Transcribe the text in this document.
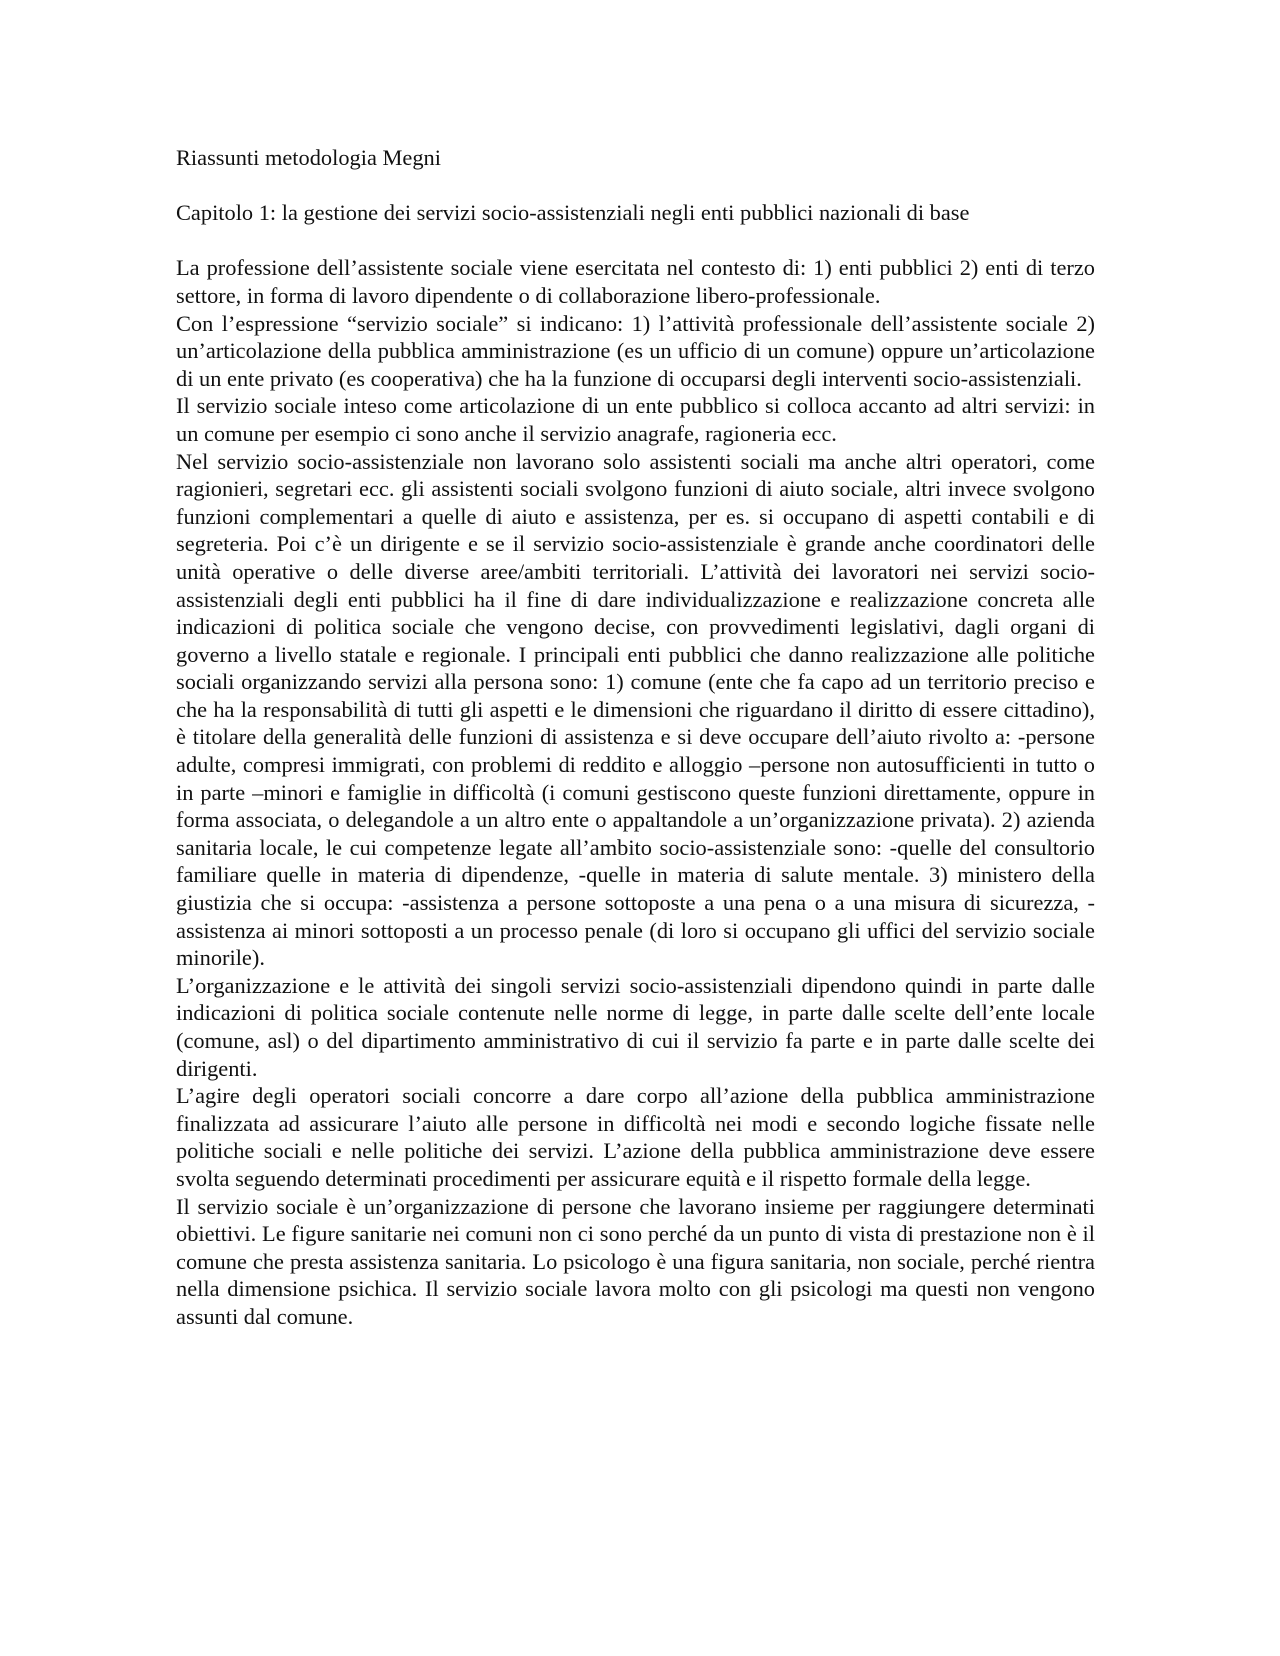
Riassunti metodologia Megni
Capitolo 1: la gestione dei servizi socio-assistenziali negli enti pubblici nazionali di base

La professione dell’assistente sociale viene esercitata nel contesto di: 1) enti pubblici 2) enti di terzo settore, in forma di lavoro dipendente o di collaborazione libero-professionale.

Con l’espressione “servizio sociale” si indicano: 1) l’attività professionale dell’assistente sociale 2) un’articolazione della pubblica amministrazione (es un ufficio di un comune) oppure un’articolazione di un ente privato (es cooperativa) che ha la funzione di occuparsi degli interventi socio-assistenziali.

Il servizio sociale inteso come articolazione di un ente pubblico si colloca accanto ad altri servizi: in un comune per esempio ci sono anche il servizio anagrafe, ragioneria ecc.

Nel servizio socio-assistenziale non lavorano solo assistenti sociali ma anche altri operatori, come ragionieri, segretari ecc. gli assistenti sociali svolgono funzioni di aiuto sociale, altri invece svolgono funzioni complementari a quelle di aiuto e assistenza, per es. si occupano di aspetti contabili e di segreteria. Poi c’è un dirigente e se il servizio socio-assistenziale è grande anche coordinatori delle unità operative o delle diverse aree/ambiti territoriali. L’attività dei lavoratori nei servizi socio-assistenziali degli enti pubblici ha il fine di dare individualizzazione e realizzazione concreta alle indicazioni di politica sociale che vengono decise, con provvedimenti legislativi, dagli organi di governo a livello statale e regionale. I principali enti pubblici che danno realizzazione alle politiche sociali organizzando servizi alla persona sono: 1) comune (ente che fa capo ad un territorio preciso e che ha la responsabilità di tutti gli aspetti e le dimensioni che riguardano il diritto di essere cittadino), è titolare della generalità delle funzioni di assistenza e si deve occupare dell’aiuto rivolto a: -persone adulte, compresi immigrati, con problemi di reddito e alloggio –persone non autosufficienti in tutto o in parte –minori e famiglie in difficoltà (i comuni gestiscono queste funzioni direttamente, oppure in forma associata, o delegandole a un altro ente o appaltandole a un’organizzazione privata). 2) azienda sanitaria locale, le cui competenze legate all’ambito socio-assistenziale sono: -quelle del consultorio familiare quelle in materia di dipendenze, -quelle in materia di salute mentale. 3) ministero della giustizia che si occupa: -assistenza a persone sottoposte a una pena o a una misura di sicurezza, -assistenza ai minori sottoposti a un processo penale (di loro si occupano gli uffici del servizio sociale minorile).

L’organizzazione e le attività dei singoli servizi socio-assistenziali dipendono quindi in parte dalle indicazioni di politica sociale contenute nelle norme di legge, in parte dalle scelte dell’ente locale (comune, asl) o del dipartimento amministrativo di cui il servizio fa parte e in parte dalle scelte dei dirigenti.

L’agire degli operatori sociali concorre a dare corpo all’azione della pubblica amministrazione finalizzata ad assicurare l’aiuto alle persone in difficoltà nei modi e secondo logiche fissate nelle politiche sociali e nelle politiche dei servizi. L’azione della pubblica amministrazione deve essere svolta seguendo determinati procedimenti per assicurare equità e il rispetto formale della legge.

Il servizio sociale è un’organizzazione di persone che lavorano insieme per raggiungere determinati obiettivi. Le figure sanitarie nei comuni non ci sono perché da un punto di vista di prestazione non è il comune che presta assistenza sanitaria. Lo psicologo è una figura sanitaria, non sociale, perché rientra nella dimensione psichica. Il servizio sociale lavora molto con gli psicologi ma questi non vengono assunti dal comune.
